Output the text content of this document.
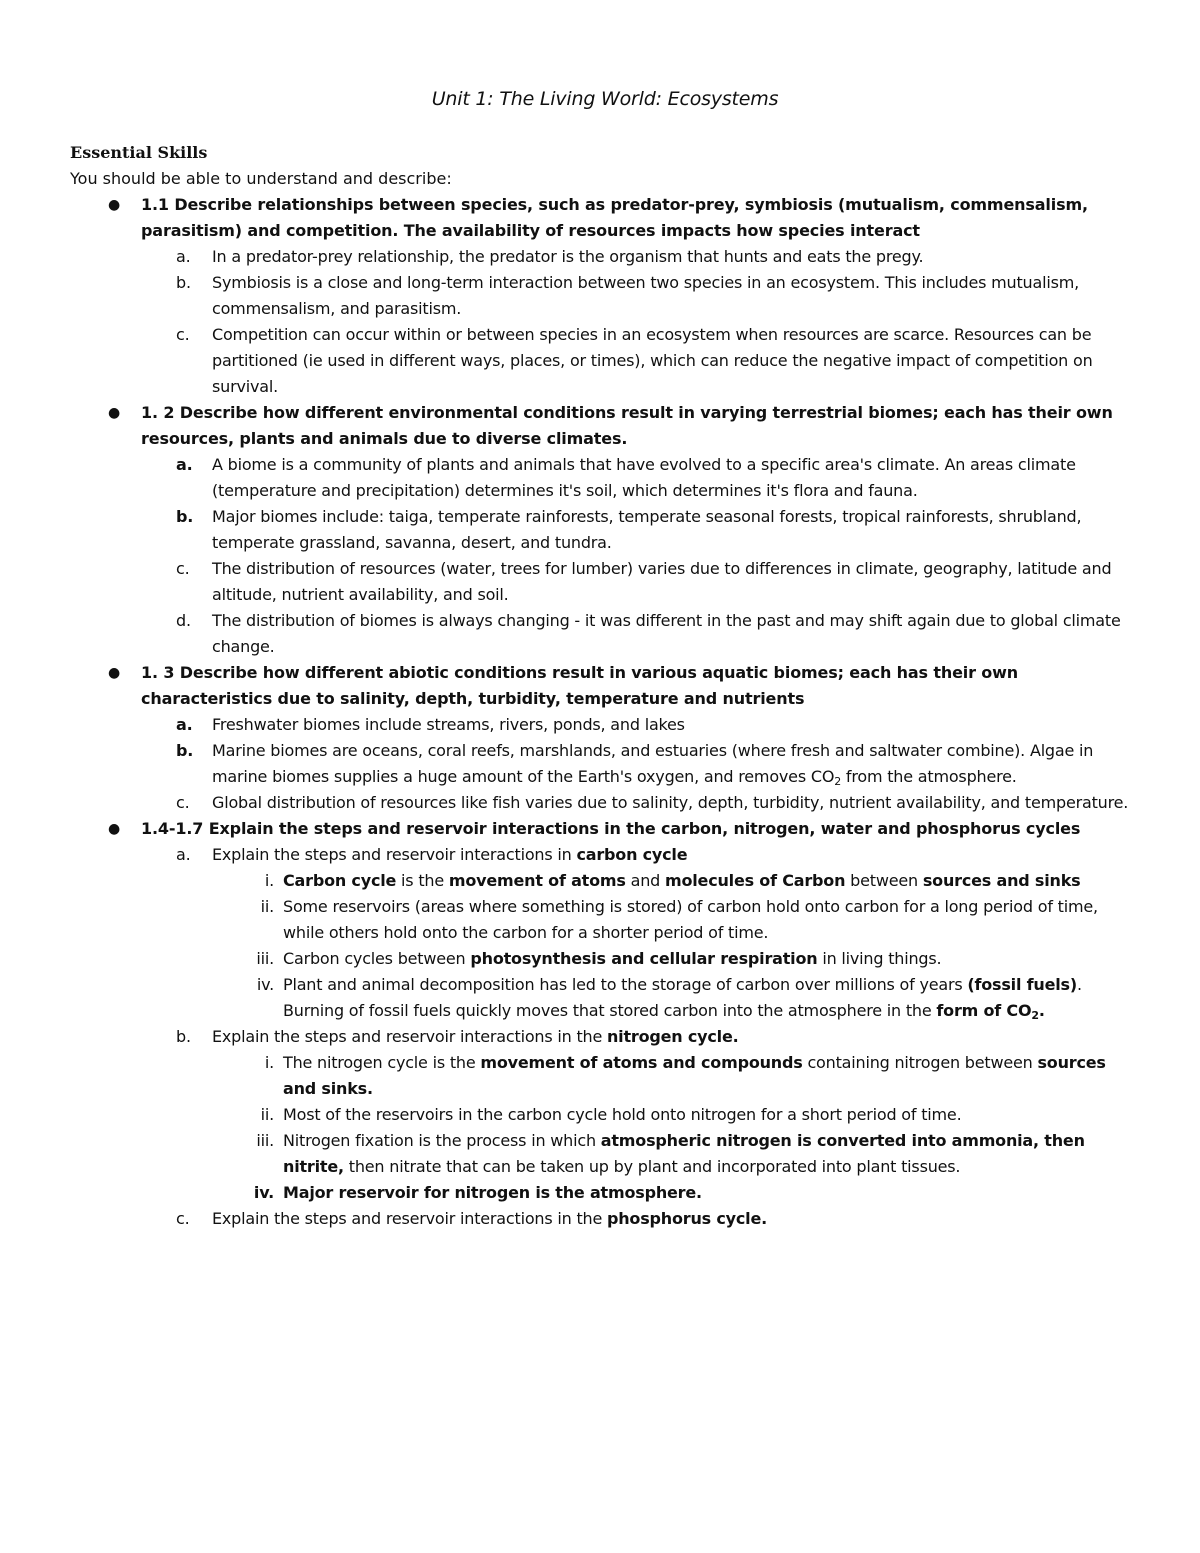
Unit 1: The Living World: Ecosystems
Essential Skills
You should be able to understand and describe:
● 1.1 Describe relationships between species, such as predator-prey, symbiosis (mutualism, commensalism, parasitism) and competition. The availability of resources impacts how species interact
a.	In a predator-prey relationship, the predator is the organism that hunts and eats the pregy.
b.	Symbiosis is a close and long-term interaction between two species in an ecosystem. This includes mutualism, commensalism, and parasitism.
c.	Competition can occur within or between species in an ecosystem when resources are scarce. Resources can be partitioned (ie used in different ways, places, or times), which can reduce the negative impact of competition on survival.
● 1. 2 Describe how different environmental conditions result in varying terrestrial biomes; each has their own resources, plants and animals due to diverse climates.
a.	A biome is a community of plants and animals that have evolved to a specific area's climate. An areas climate (temperature and precipitation) determines it's soil, which determines it's flora and fauna.
b.	Major biomes include: taiga, temperate rainforests, temperate seasonal forests, tropical rainforests, shrubland, temperate grassland, savanna, desert, and tundra.
c.	The distribution of resources (water, trees for lumber) varies due to differences in climate, geography, latitude and altitude, nutrient availability, and soil.
d.	The distribution of biomes is always changing - it was different in the past and may shift again due to global climate change.
● 1. 3 Describe how different abiotic conditions result in various aquatic biomes; each has their own characteristics due to salinity, depth, turbidity, temperature and nutrients
a.	Freshwater biomes include streams, rivers, ponds, and lakes
b.	Marine biomes are oceans, coral reefs, marshlands, and estuaries (where fresh and saltwater combine). Algae in marine biomes supplies a huge amount of the Earth's oxygen, and removes $CO_2$ from the atmosphere.
c.	Global distribution of resources like fish varies due to salinity, depth, turbidity, nutrient availability, and temperature.
● 1.4-1.7 Explain the steps and reservoir interactions in the carbon, nitrogen, water and phosphorus cycles
a.	Explain the steps and reservoir interactions in carbon cycle
i. Carbon cycle is the movement of atoms and molecules of Carbon between sources and sinks
ii. Some reservoirs (areas where something is stored) of carbon hold onto carbon for a long period of time, while others hold onto the carbon for a shorter period of time.
iii. Carbon cycles between photosynthesis and cellular respiration in living things.
iv. Plant and animal decomposition has led to the storage of carbon over millions of years (fossil fuels). Burning of fossil fuels quickly moves that stored carbon into the atmosphere in the form of $CO_2$.
b.	Explain the steps and reservoir interactions in the nitrogen cycle.
i. The nitrogen cycle is the movement of atoms and compounds containing nitrogen between sources and sinks.
ii. Most of the reservoirs in the carbon cycle hold onto nitrogen for a short period of time.
iii. Nitrogen fixation is the process in which atmospheric nitrogen is converted into ammonia, then nitrite, then nitrate that can be taken up by plant and incorporated into plant tissues.
iv. Major reservoir for nitrogen is the atmosphere.
c.	Explain the steps and reservoir interactions in the phosphorus cycle.
